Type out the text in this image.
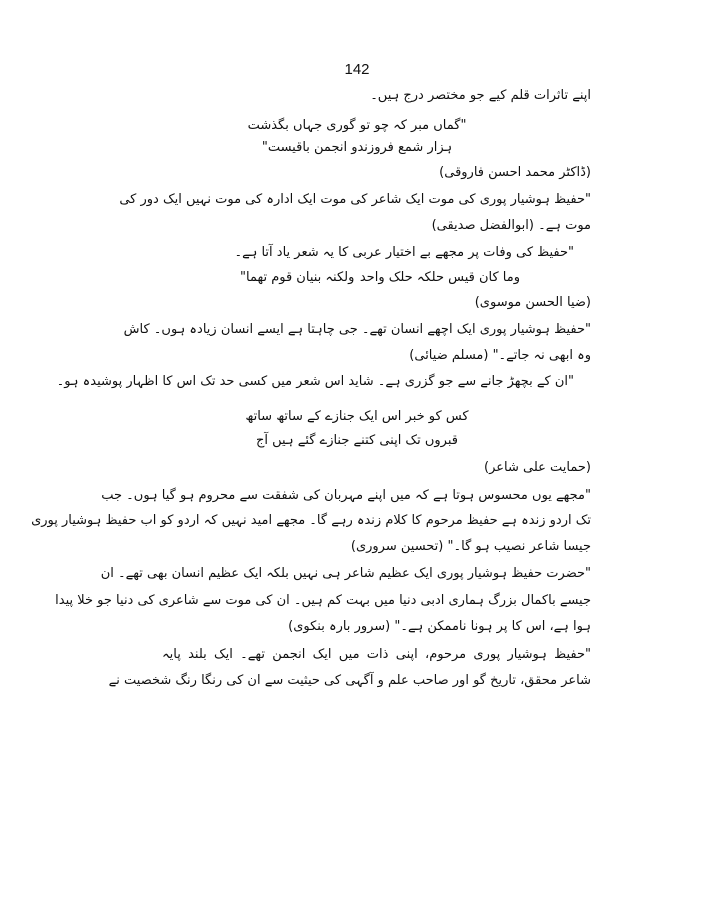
142
اپنے تاثرات قلم کیے جو مختصر درج ہیں۔
"گماں مبر کہ چو تو گوری جہاں بگذشت
ہزار شمع فروزندو انجمن باقیست"
(ڈاکٹر محمد احسن فاروقی)
"حفیظ ہوشیار پوری کی موت ایک شاعر کی موت ایک ادارہ کی موت نہیں ایک دور کی
موت ہے۔ (ابوالفضل صدیقی)
"حفیظ کی وفات پر مجھے بے اختیار عربی کا یہ شعر یاد آتا ہے۔
وما کان قیس حلکہ حلک واحد
ولکنہ بنیان قوم تھما"
(ضیا الحسن موسوی)
"حفیظ ہوشیار پوری ایک اچھے انسان تھے۔ جی چاہتا ہے ایسے انسان زیادہ ہوں۔ کاش
وہ ابھی نہ جاتے۔" (مسلم ضیائی)
"ان کے بچھڑ جانے سے جو گزری ہے۔ شاید اس شعر میں کسی حد تک اس کا اظہار پوشیدہ ہو۔
کس کو خبر اس ایک جنازے کے ساتھ ساتھ
قبروں تک اپنی کتنے جنازے گئے ہیں آج
(حمایت علی شاعر)
"مجھے یوں محسوس ہوتا ہے کہ میں اپنے مہربان کی شفقت سے محروم ہو گیا ہوں۔ جب
تک اردو زندہ ہے حفیظ مرحوم کا کلام زندہ رہے گا۔ مجھے امید نہیں کہ اردو کو اب حفیظ ہوشیار پوری
جیسا شاعر نصیب ہو گا۔" (تحسین سروری)
"حضرت حفیظ ہوشیار پوری ایک عظیم شاعر ہی نہیں بلکہ ایک عظیم انسان بھی تھے۔ ان
جیسے باکمال بزرگ ہماری ادبی دنیا میں بہت کم ہیں۔ ان کی موت سے شاعری کی دنیا جو خلا پیدا
ہوا ہے، اس کا پر ہونا ناممکن ہے۔" (سرور بارہ بنکوی)
"حفیظ ہوشیار پوری مرحوم، اپنی ذات میں ایک انجمن تھے۔ ایک بلند پایہ
شاعر محقق، تاریخ گو اور صاحب علم و آگہی کی حیثیت سے ان کی رنگا رنگ شخصیت نے
